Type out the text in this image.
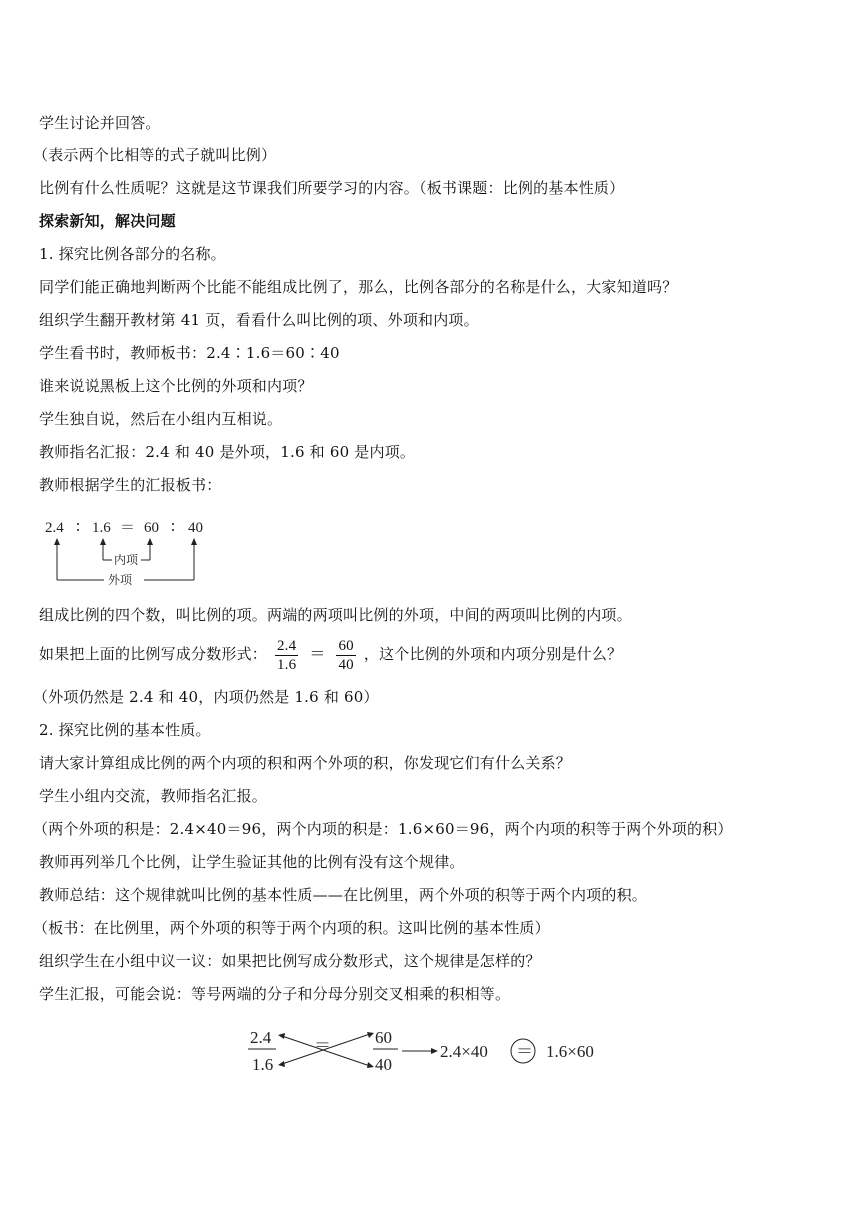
学生讨论并回答。
（表示两个比相等的式子就叫比例）
比例有什么性质呢？这就是这节课我们所要学习的内容。（板书课题：比例的基本性质）
探索新知，解决问题
1. 探究比例各部分的名称。
同学们能正确地判断两个比能不能组成比例了，那么，比例各部分的名称是什么，大家知道吗？
组织学生翻开教材第 41 页，看看什么叫比例的项、外项和内项。
学生看书时，教师板书：2.4∶1.6＝60∶40
谁来说说黑板上这个比例的外项和内项？
学生独自说，然后在小组内互相说。
教师指名汇报：2.4 和 40 是外项，1.6 和 60 是内项。
教师根据学生的汇报板书：
2.4 ∶ 1.6 ＝ 60 ∶ 40
内项
外项
组成比例的四个数，叫比例的项。两端的两项叫比例的外项，中间的两项叫比例的内项。
如果把上面的比例写成分数形式： $\frac{2.4}{1.6} = \frac{60}{40}$ ，这个比例的外项和内项分别是什么？
（外项仍然是 2.4 和 40，内项仍然是 1.6 和 60）
2. 探究比例的基本性质。
请大家计算组成比例的两个内项的积和两个外项的积，你发现它们有什么关系？
学生小组内交流，教师指名汇报。
（两个外项的积是：2.4×40＝96，两个内项的积是：1.6×60＝96，两个内项的积等于两个外项的积）
教师再列举几个比例，让学生验证其他的比例有没有这个规律。
教师总结：这个规律就叫比例的基本性质——在比例里，两个外项的积等于两个内项的积。
（板书：在比例里，两个外项的积等于两个内项的积。这叫比例的基本性质）
组织学生在小组中议一议：如果把比例写成分数形式，这个规律是怎样的？
学生汇报，可能会说：等号两端的分子和分母分别交叉相乘的积相等。
2.4
1.6
＝	60
40
2.4×40 ＝ 1.6×60
